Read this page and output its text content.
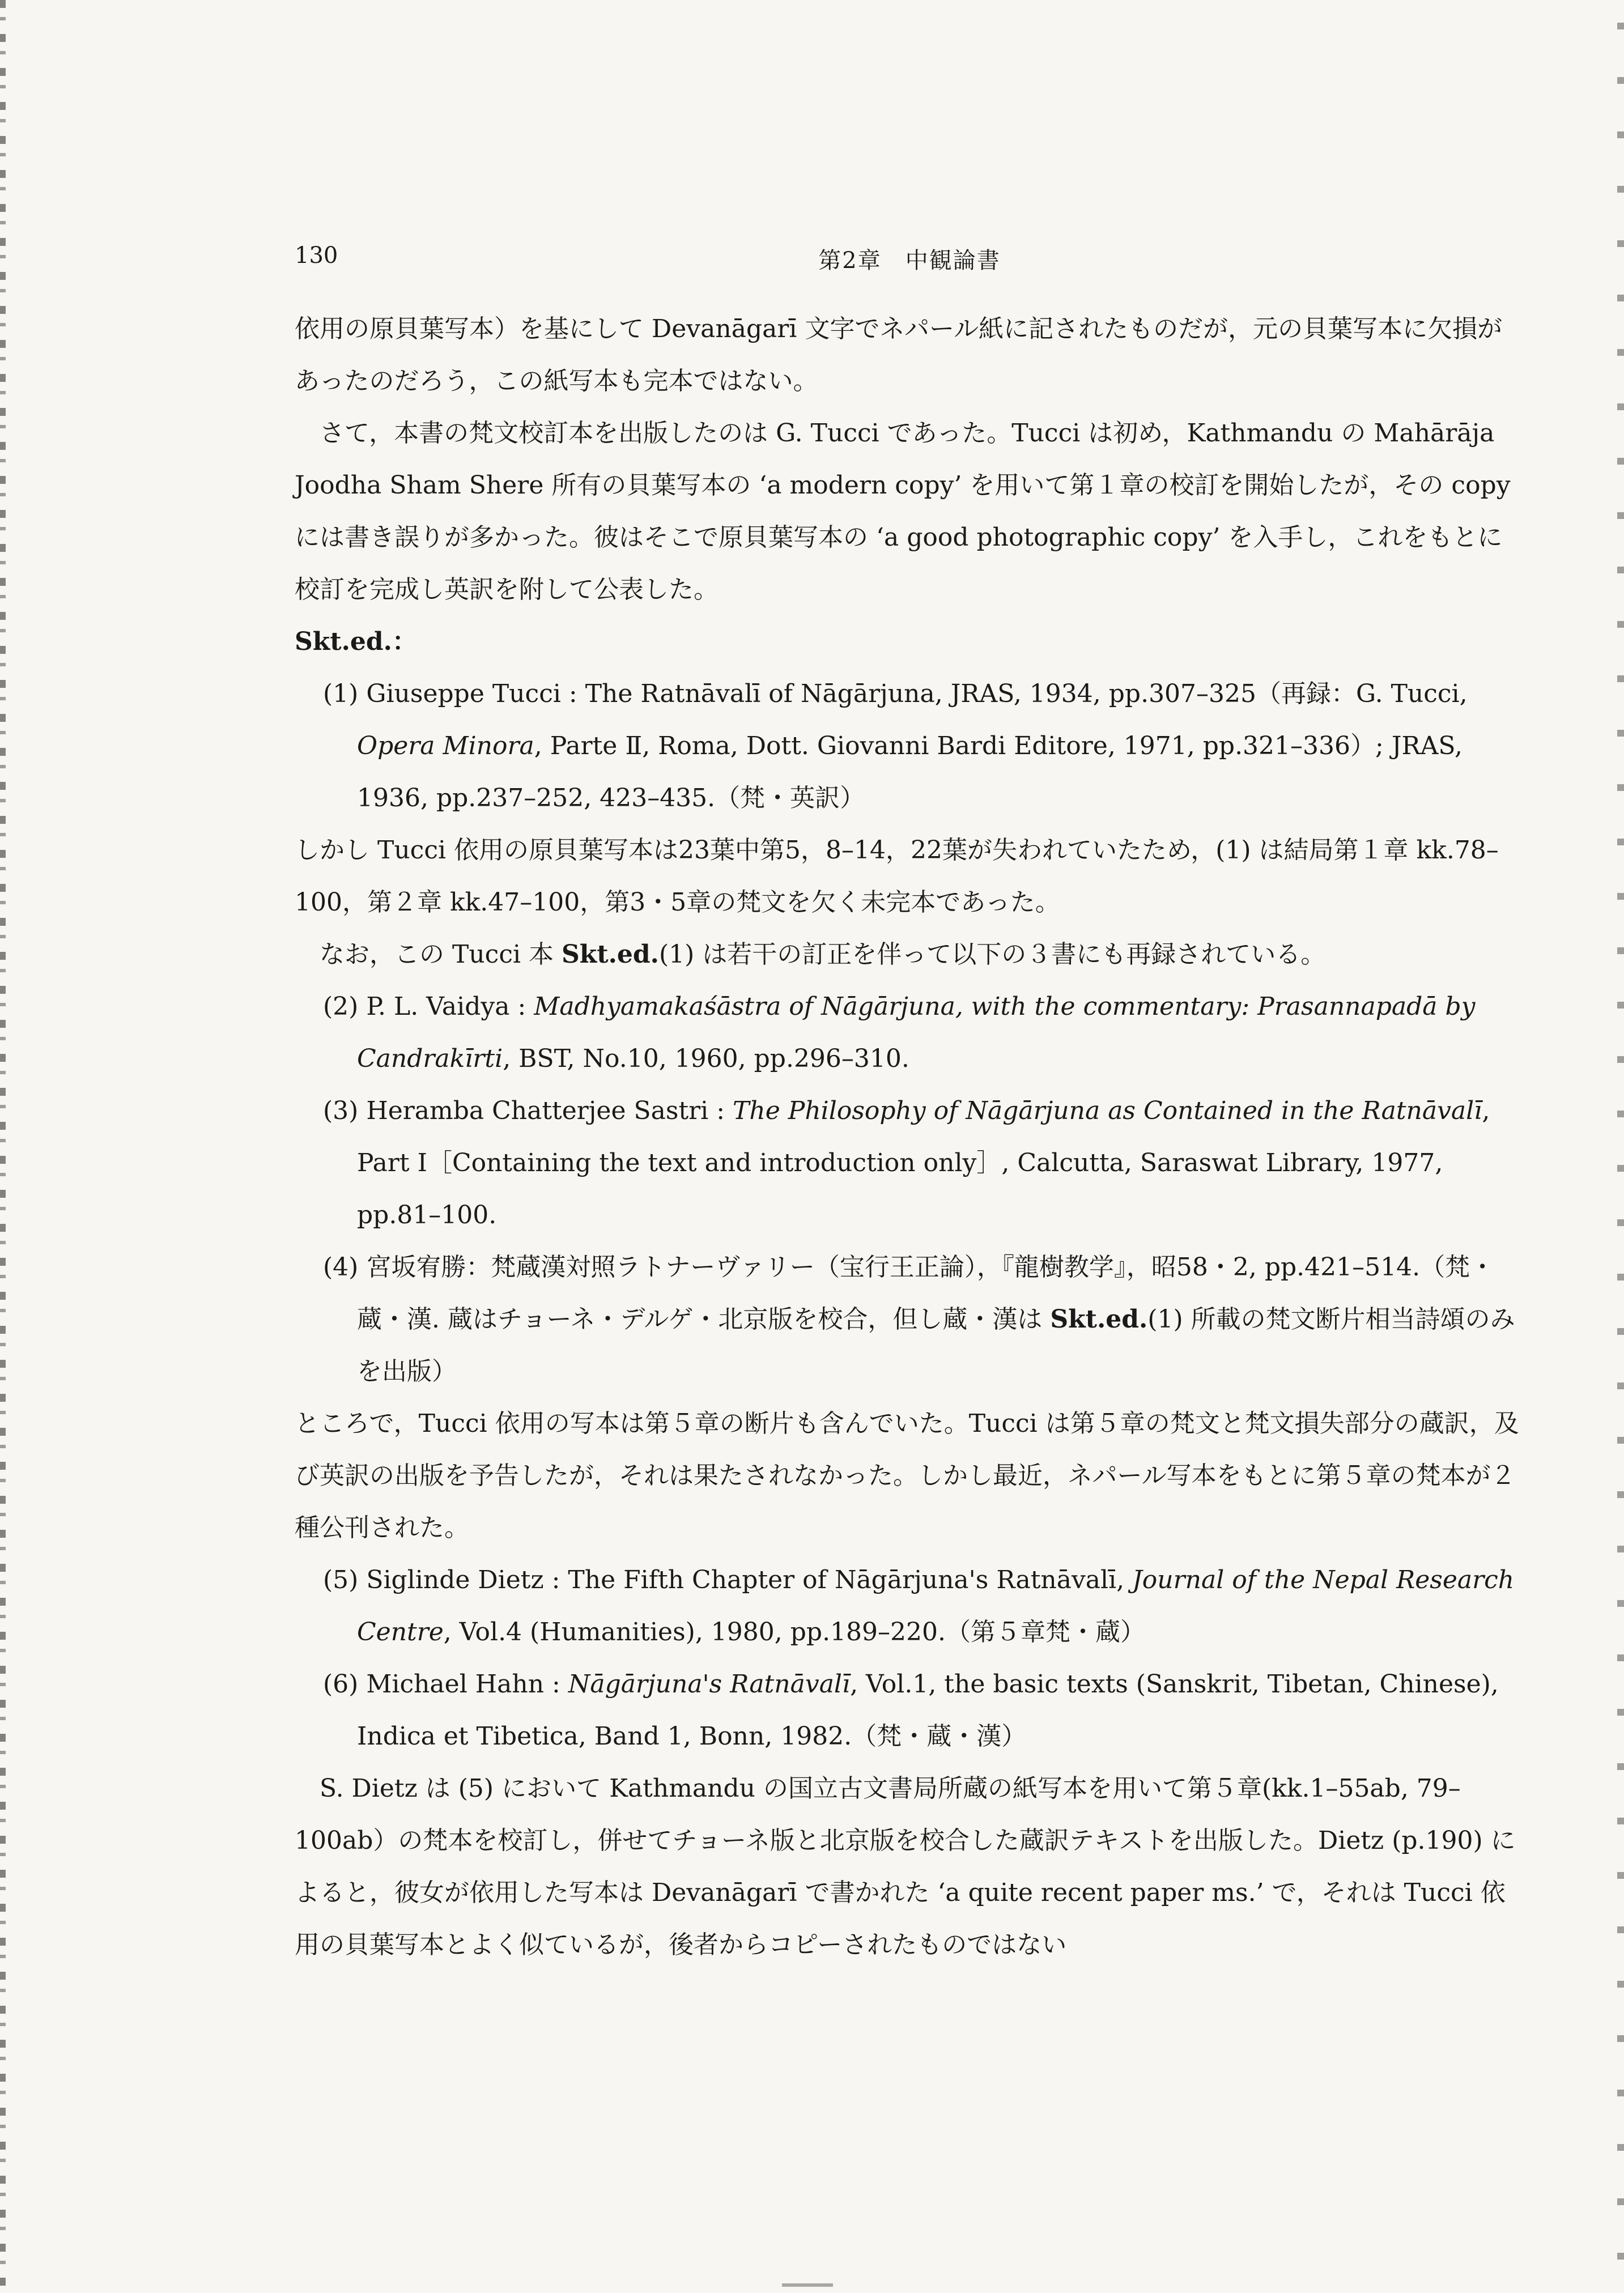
130	第2章　中観論書

依用の原貝葉写本）を基にして Devanāgarī 文字でネパール紙に記されたものだが，元の貝葉写本に欠損があったのだろう，この紙写本も完本ではない。

さて，本書の梵文校訂本を出版したのは G. Tucci であった。Tucci は初め，Kathmandu の Mahārāja Joodha Sham Shere 所有の貝葉写本の ‘a modern copy’ を用いて第１章の校訂を開始したが，その copy には書き誤りが多かった。彼はそこで原貝葉写本の ‘a good photographic copy’ を入手し，これをもとに校訂を完成し英訳を附して公表した。

Skt.ed.：

(1) Giuseppe Tucci : The Ratnāvalī of Nāgārjuna, JRAS, 1934, pp.307–325（再録：G. Tucci, Opera Minora, Parte Ⅱ, Roma, Dott. Giovanni Bardi Editore, 1971, pp.321–336）; JRAS, 1936, pp.237–252, 423–435.（梵・英訳）

しかし Tucci 依用の原貝葉写本は23葉中第5，8–14，22葉が失われていたため，(1) は結局第１章 kk.78–100，第２章 kk.47–100，第3・5章の梵文を欠く未完本であった。

なお，この Tucci 本 Skt.ed.(1) は若干の訂正を伴って以下の３書にも再録されている。

(2) P. L. Vaidya : Madhyamakaśāstra of Nāgārjuna, with the commentary: Prasannapadā by Candrakīrti, BST, No.10, 1960, pp.296–310.

(3) Heramba Chatterjee Sastri : The Philosophy of Nāgārjuna as Contained in the Ratnāvalī, Part Ⅰ［Containing the text and introduction only］, Calcutta, Saraswat Library, 1977, pp.81–100.

(4) 宮坂宥勝：梵蔵漢対照ラトナーヴァリー（宝行王正論），『龍樹教学』，昭58・2, pp.421–514.（梵・蔵・漢. 蔵はチョーネ・デルゲ・北京版を校合，但し蔵・漢は Skt.ed.(1) 所載の梵文断片相当詩頌のみを出版）

ところで，Tucci 依用の写本は第５章の断片も含んでいた。Tucci は第５章の梵文と梵文損失部分の蔵訳，及び英訳の出版を予告したが，それは果たされなかった。しかし最近，ネパール写本をもとに第５章の梵本が２種公刊された。

(5) Siglinde Dietz : The Fifth Chapter of Nāgārjuna's Ratnāvalī, Journal of the Nepal Research Centre, Vol.4 (Humanities), 1980, pp.189–220.（第５章梵・蔵）

(6) Michael Hahn : Nāgārjuna's Ratnāvalī, Vol.1, the basic texts (Sanskrit, Tibetan, Chinese), Indica et Tibetica, Band 1, Bonn, 1982.（梵・蔵・漢）

S. Dietz は (5) において Kathmandu の国立古文書局所蔵の紙写本を用いて第５章(kk.1–55ab, 79–100ab）の梵本を校訂し，併せてチョーネ版と北京版を校合した蔵訳テキストを出版した。Dietz (p.190) によると，彼女が依用した写本は Devanāgarī で書かれた ‘a quite recent paper ms.’ で，それは Tucci 依用の貝葉写本とよく似ているが，後者からコピーされたものではない
